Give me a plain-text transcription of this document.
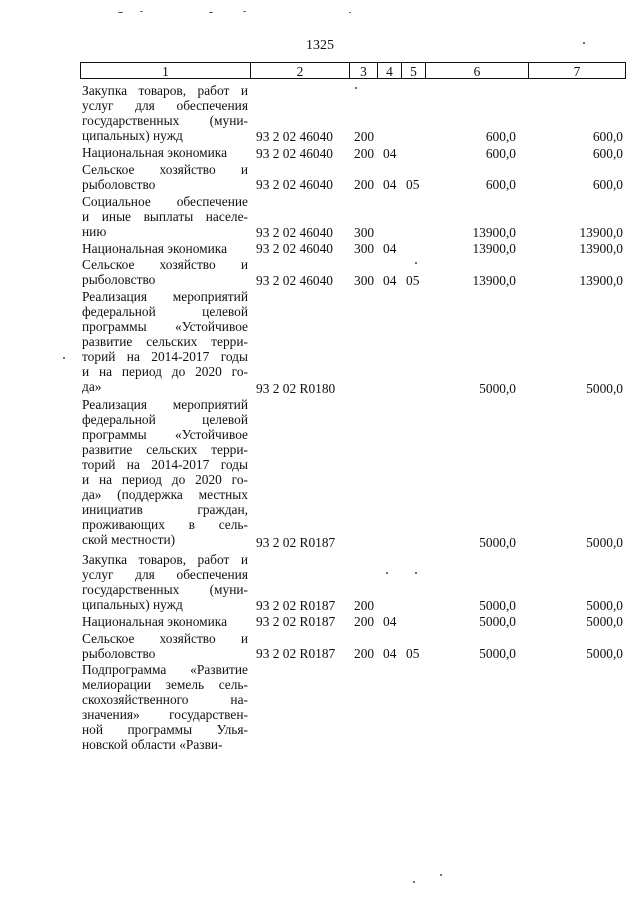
1325
1	2	3	4	5	6	7
Закупка товаров, работ и
услуг для обеспечения
государственных (муни-
ципальных) нужд	93 2 02 46040 200	600,0	600,0
Национальная экономика	93 2 02 46040 200 04	600,0	600,0
Сельское хозяйство и
рыболовство	93 2 02 46040 200 04 05	600,0	600,0
Социальное обеспечение
и иные выплаты населе-
нию	93 2 02 46040 300	13900,0	13900,0
Национальная экономика	93 2 02 46040 300 04	13900,0	13900,0
Сельское хозяйство и
рыболовство	93 2 02 46040 300 04 05	13900,0	13900,0
Реализация мероприятий
федеральной целевой
программы «Устойчивое
развитие сельских терри-
торий на 2014-2017 годы
и на период до 2020 го-
да»	93 2 02 R0180	5000,0	5000,0
Реализация мероприятий
федеральной целевой
программы «Устойчивое
развитие сельских терри-
торий на 2014-2017 годы
и на период до 2020 го-
да» (поддержка местных
инициатив граждан,
проживающих в сель-
ской местности)	93 2 02 R0187	5000,0	5000,0
Закупка товаров, работ и
услуг для обеспечения
государственных (муни-
ципальных) нужд	93 2 02 R0187 200	5000,0	5000,0
Национальная экономика	93 2 02 R0187 200 04	5000,0	5000,0
Сельское хозяйство и
рыболовство	93 2 02 R0187 200 04 05	5000,0	5000,0
Подпрограмма «Развитие
мелиорации земель сель-
скохозяйственного на-
значения» государствен-
ной программы Улья-
новской области «Разви-
